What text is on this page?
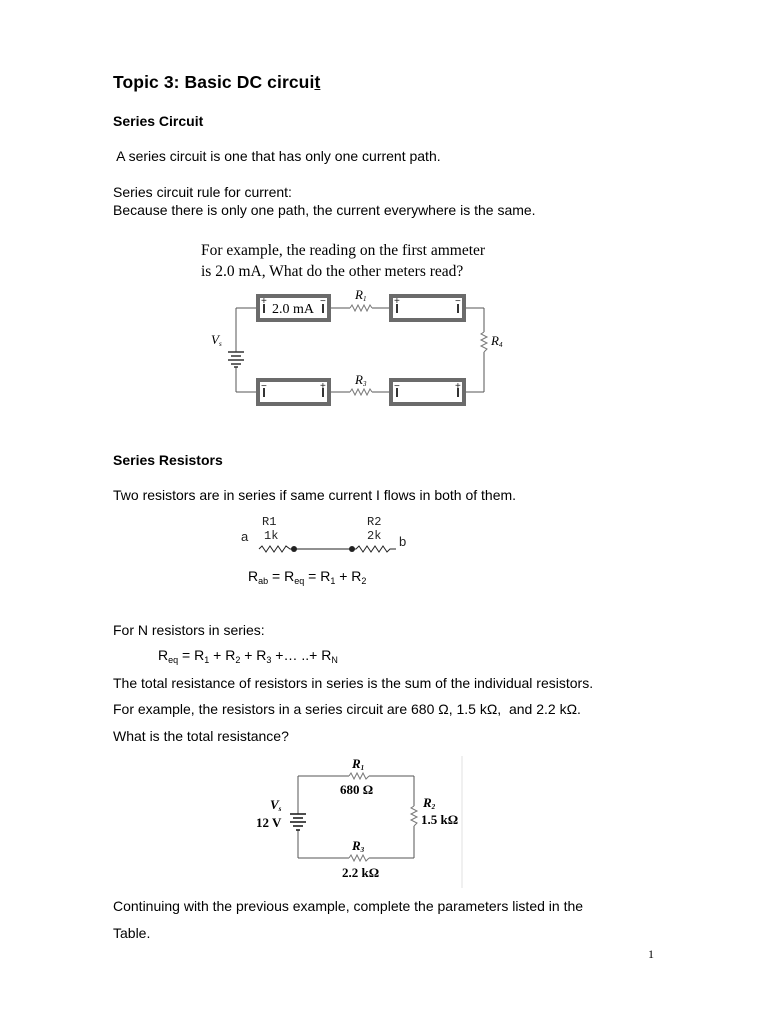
Topic 3: Basic DC circuit
Series Circuit
A series circuit is one that has only one current path.
Series circuit rule for current:
Because there is only one path, the current everywhere is the same.
For example, the reading on the first ammeter
is 2.0 mA, What do the other meters read?
+	−	+	−
−	+	−	+
2.0 mA
R1
R3
R4
Vs
Series Resistors
Two resistors are in series if same current I flows in both of them.
R1
1k
R2
2k
a	b
$R_{ab} = R_{eq} = R_1 + R_2$
For N resistors in series:
$R_{eq} = R_1 + R_2 + R_3$ +… ..+ $R_N$
The total resistance of resistors in series is the sum of the individual resistors.
For example, the resistors in a series circuit are 680 Ω, 1.5 kΩ,  and 2.2 kΩ.
What is the total resistance?
R1
680 Ω
R2
1.5 kΩ
R3
2.2 kΩ
Vs
12 V
Continuing with the previous example, complete the parameters listed in the
Table.
1
